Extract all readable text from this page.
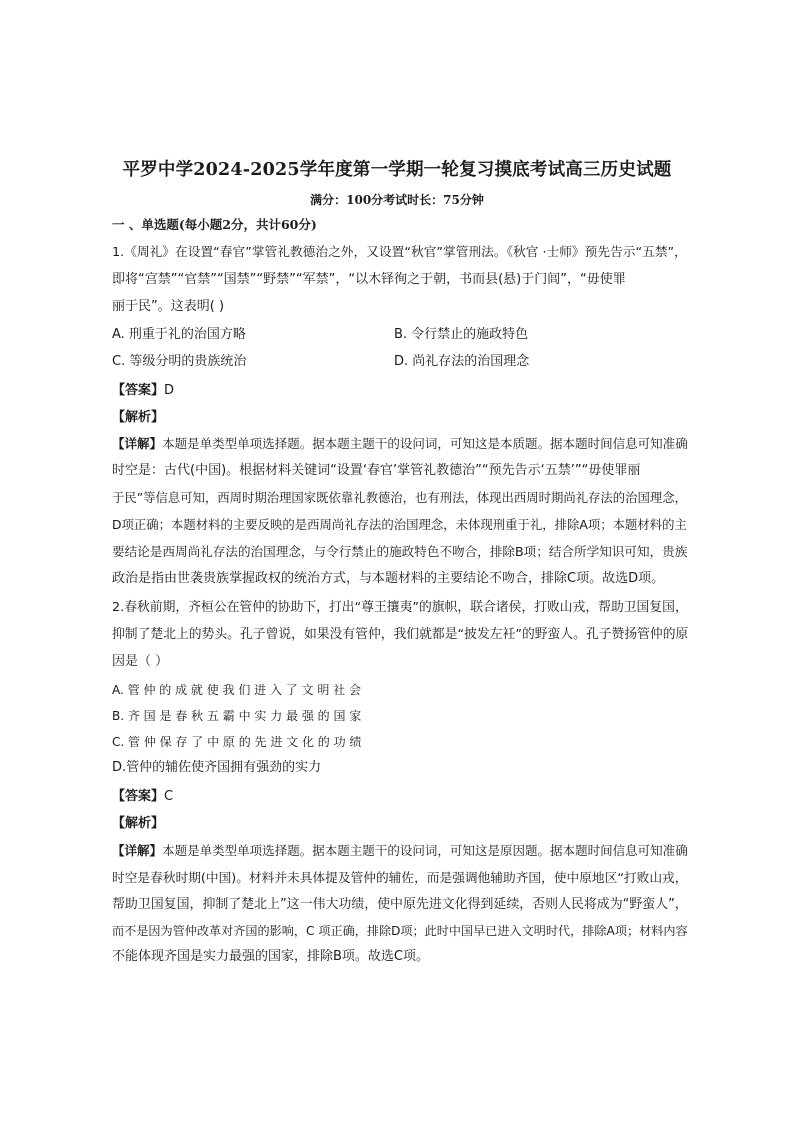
平罗中学2024-2025学年度第一学期一轮复习摸底考试高三历史试题
满分：100分考试时长：75分钟
一 、单选题(每小题2分，共计60分)
1.《周礼》在设置“春官”掌管礼教德治之外，又设置“秋官”掌管刑法。《秋官 ·士师》预先告示“五禁”，
即将“宫禁”“官禁”“国禁”“野禁”“军禁”，“以木铎徇之于朝，书而县(悬)于门闾”，“毋使罪
丽于民”。这表明( )
A. 刑重于礼的治国方略	B. 令行禁止的施政特色
C. 等级分明的贵族统治	D. 尚礼存法的治国理念
【答案】D
【解析】
【详解】本题是单类型单项选择题。据本题主题干的设问词，可知这是本质题。据本题时间信息可知准确
时空是：古代(中国)。根据材料关键词“设置‘春官’掌管礼教德治”“预先告示‘五禁’”“毋使罪丽
于民”等信息可知，西周时期治理国家既依靠礼教德治，也有刑法，体现出西周时期尚礼存法的治国理念，
D项正确；本题材料的主要反映的是西周尚礼存法的治国理念，未体现刑重于礼，排除A项；本题材料的主
要结论是西周尚礼存法的治国理念，与令行禁止的施政特色不吻合，排除B项；结合所学知识可知，贵族
政治是指由世袭贵族掌握政权的统治方式，与本题材料的主要结论不吻合，排除C项。故选D项。
2.春秋前期，齐桓公在管仲的协助下，打出“尊王攘夷”的旗帜，联合诸侯，打败山戎，帮助卫国复国，
抑制了楚北上的势头。孔子曾说，如果没有管仲，我们就都是“披发左衽”的野蛮人。孔子赞扬管仲的原
因是（ ）
A. 管 仲 的 成 就 使 我 们 进 入 了 文 明 社 会
B. 齐 国 是 春 秋 五 霸 中 实 力 最 强 的 国 家
C. 管 仲 保 存 了 中 原 的 先 进 文 化 的 功 绩
D.管仲的辅佐使齐国拥有强劲的实力
【答案】C
【解析】
【详解】本题是单类型单项选择题。据本题主题干的设问词，可知这是原因题。据本题时间信息可知准确
时空是春秋时期(中国)。材料并未具体提及管仲的辅佐，而是强调他辅助齐国，使中原地区“打败山戎，
帮助卫国复国，抑制了楚北上”这一伟大功绩，使中原先进文化得到延续，否则人民将成为“野蛮人”，
而不是因为管仲改革对齐国的影响，C 项正确，排除D项；此时中国早已进入文明时代，排除A项；材料内容
不能体现齐国是实力最强的国家，排除B项。故选C项。
